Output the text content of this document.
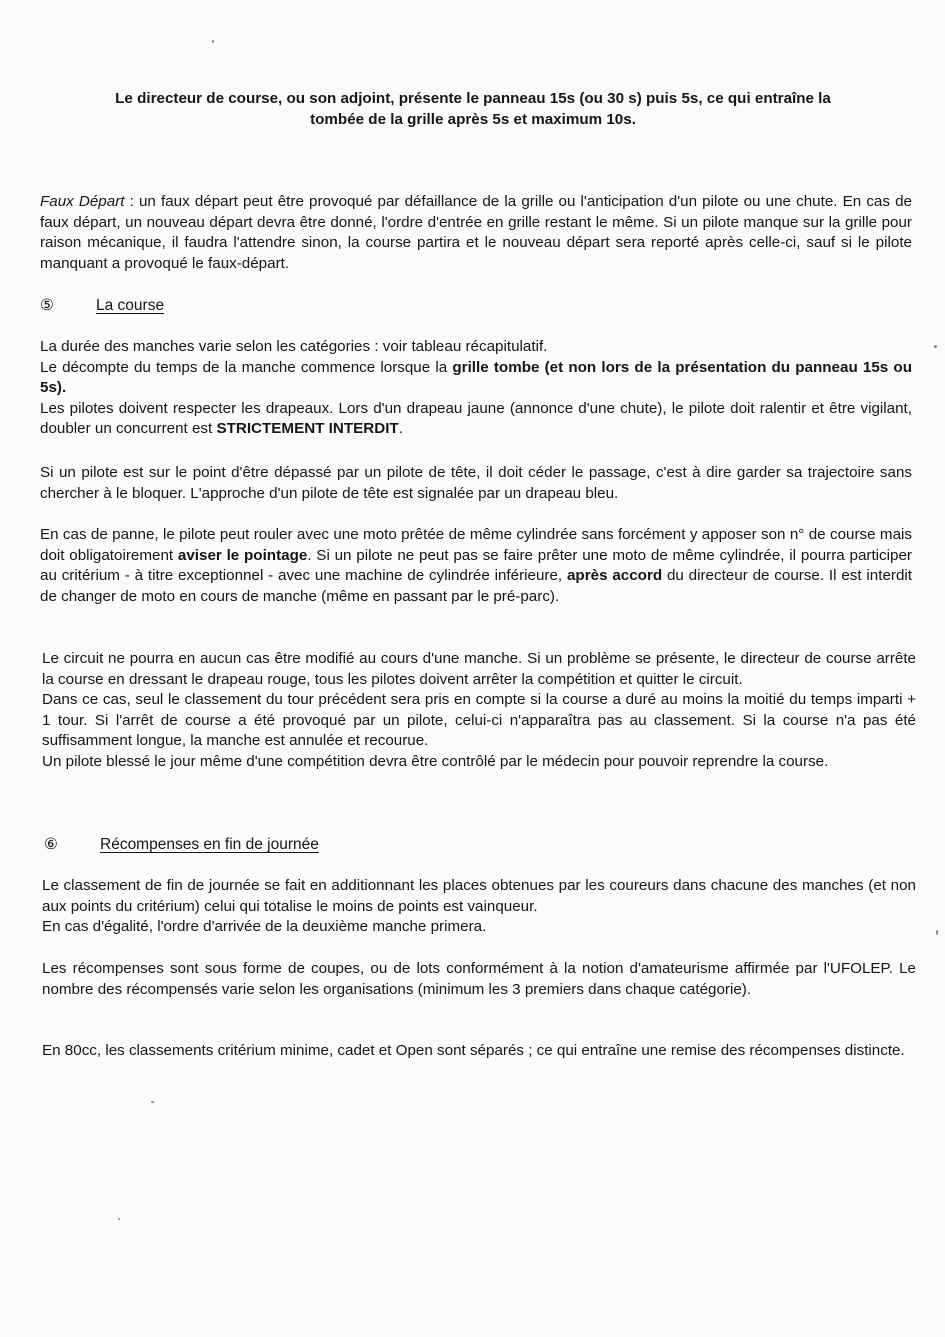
Le directeur de course, ou son adjoint, présente le panneau 15s (ou 30 s) puis 5s, ce qui entraîne la
tombée de la grille après 5s et maximum 10s.

Faux Départ : un faux départ peut être provoqué par défaillance de la grille ou l'anticipation d'un pilote ou une chute. En cas de faux départ, un nouveau départ devra être donné, l'ordre d'entrée en grille restant le même. Si un pilote manque sur la grille pour raison mécanique, il faudra l'attendre sinon, la course partira et le nouveau départ sera reporté après celle-ci, sauf si le pilote manquant a provoqué le faux-départ.

⑤	La course

La durée des manches varie selon les catégories : voir tableau récapitulatif.
Le décompte du temps de la manche commence lorsque la grille tombe (et non lors de la présentation du panneau 15s ou 5s).
Les pilotes doivent respecter les drapeaux. Lors d'un drapeau jaune (annonce d'une chute), le pilote doit ralentir et être vigilant, doubler un concurrent est STRICTEMENT INTERDIT.

Si un pilote est sur le point d'être dépassé par un pilote de tête, il doit céder le passage, c'est à dire garder sa trajectoire sans chercher à le bloquer. L'approche d'un pilote de tête est signalée par un drapeau bleu.

En cas de panne, le pilote peut rouler avec une moto prêtée de même cylindrée sans forcément y apposer son n° de course mais doit obligatoirement aviser le pointage. Si un pilote ne peut pas se faire prêter une moto de même cylindrée, il pourra participer au critérium - à titre exceptionnel - avec une machine de cylindrée inférieure, après accord du directeur de course. Il est interdit de changer de moto en cours de manche (même en passant par le pré-parc).

Le circuit ne pourra en aucun cas être modifié au cours d'une manche. Si un problème se présente, le directeur de course arrête la course en dressant le drapeau rouge, tous les pilotes doivent arrêter la compétition et quitter le circuit.
Dans ce cas, seul le classement du tour précédent sera pris en compte si la course a duré au moins la moitié du temps imparti + 1 tour. Si l'arrêt de course a été provoqué par un pilote, celui-ci n'apparaîtra pas au classement. Si la course n'a pas été suffisamment longue, la manche est annulée et recourue.
Un pilote blessé le jour même d'une compétition devra être contrôlé par le médecin pour pouvoir reprendre la course.

⑥	Récompenses en fin de journée

Le classement de fin de journée se fait en additionnant les places obtenues par les coureurs dans chacune des manches (et non aux points du critérium) celui qui totalise le moins de points est vainqueur.
En cas d'égalité, l'ordre d'arrivée de la deuxième manche primera.

Les récompenses sont sous forme de coupes, ou de lots conformément à la notion d'amateurisme affirmée par l'UFOLEP. Le nombre des récompensés varie selon les organisations (minimum les 3 premiers dans chaque catégorie).

En 80cc, les classements critérium minime, cadet et Open sont séparés ; ce qui entraîne une remise des récompenses distincte.
